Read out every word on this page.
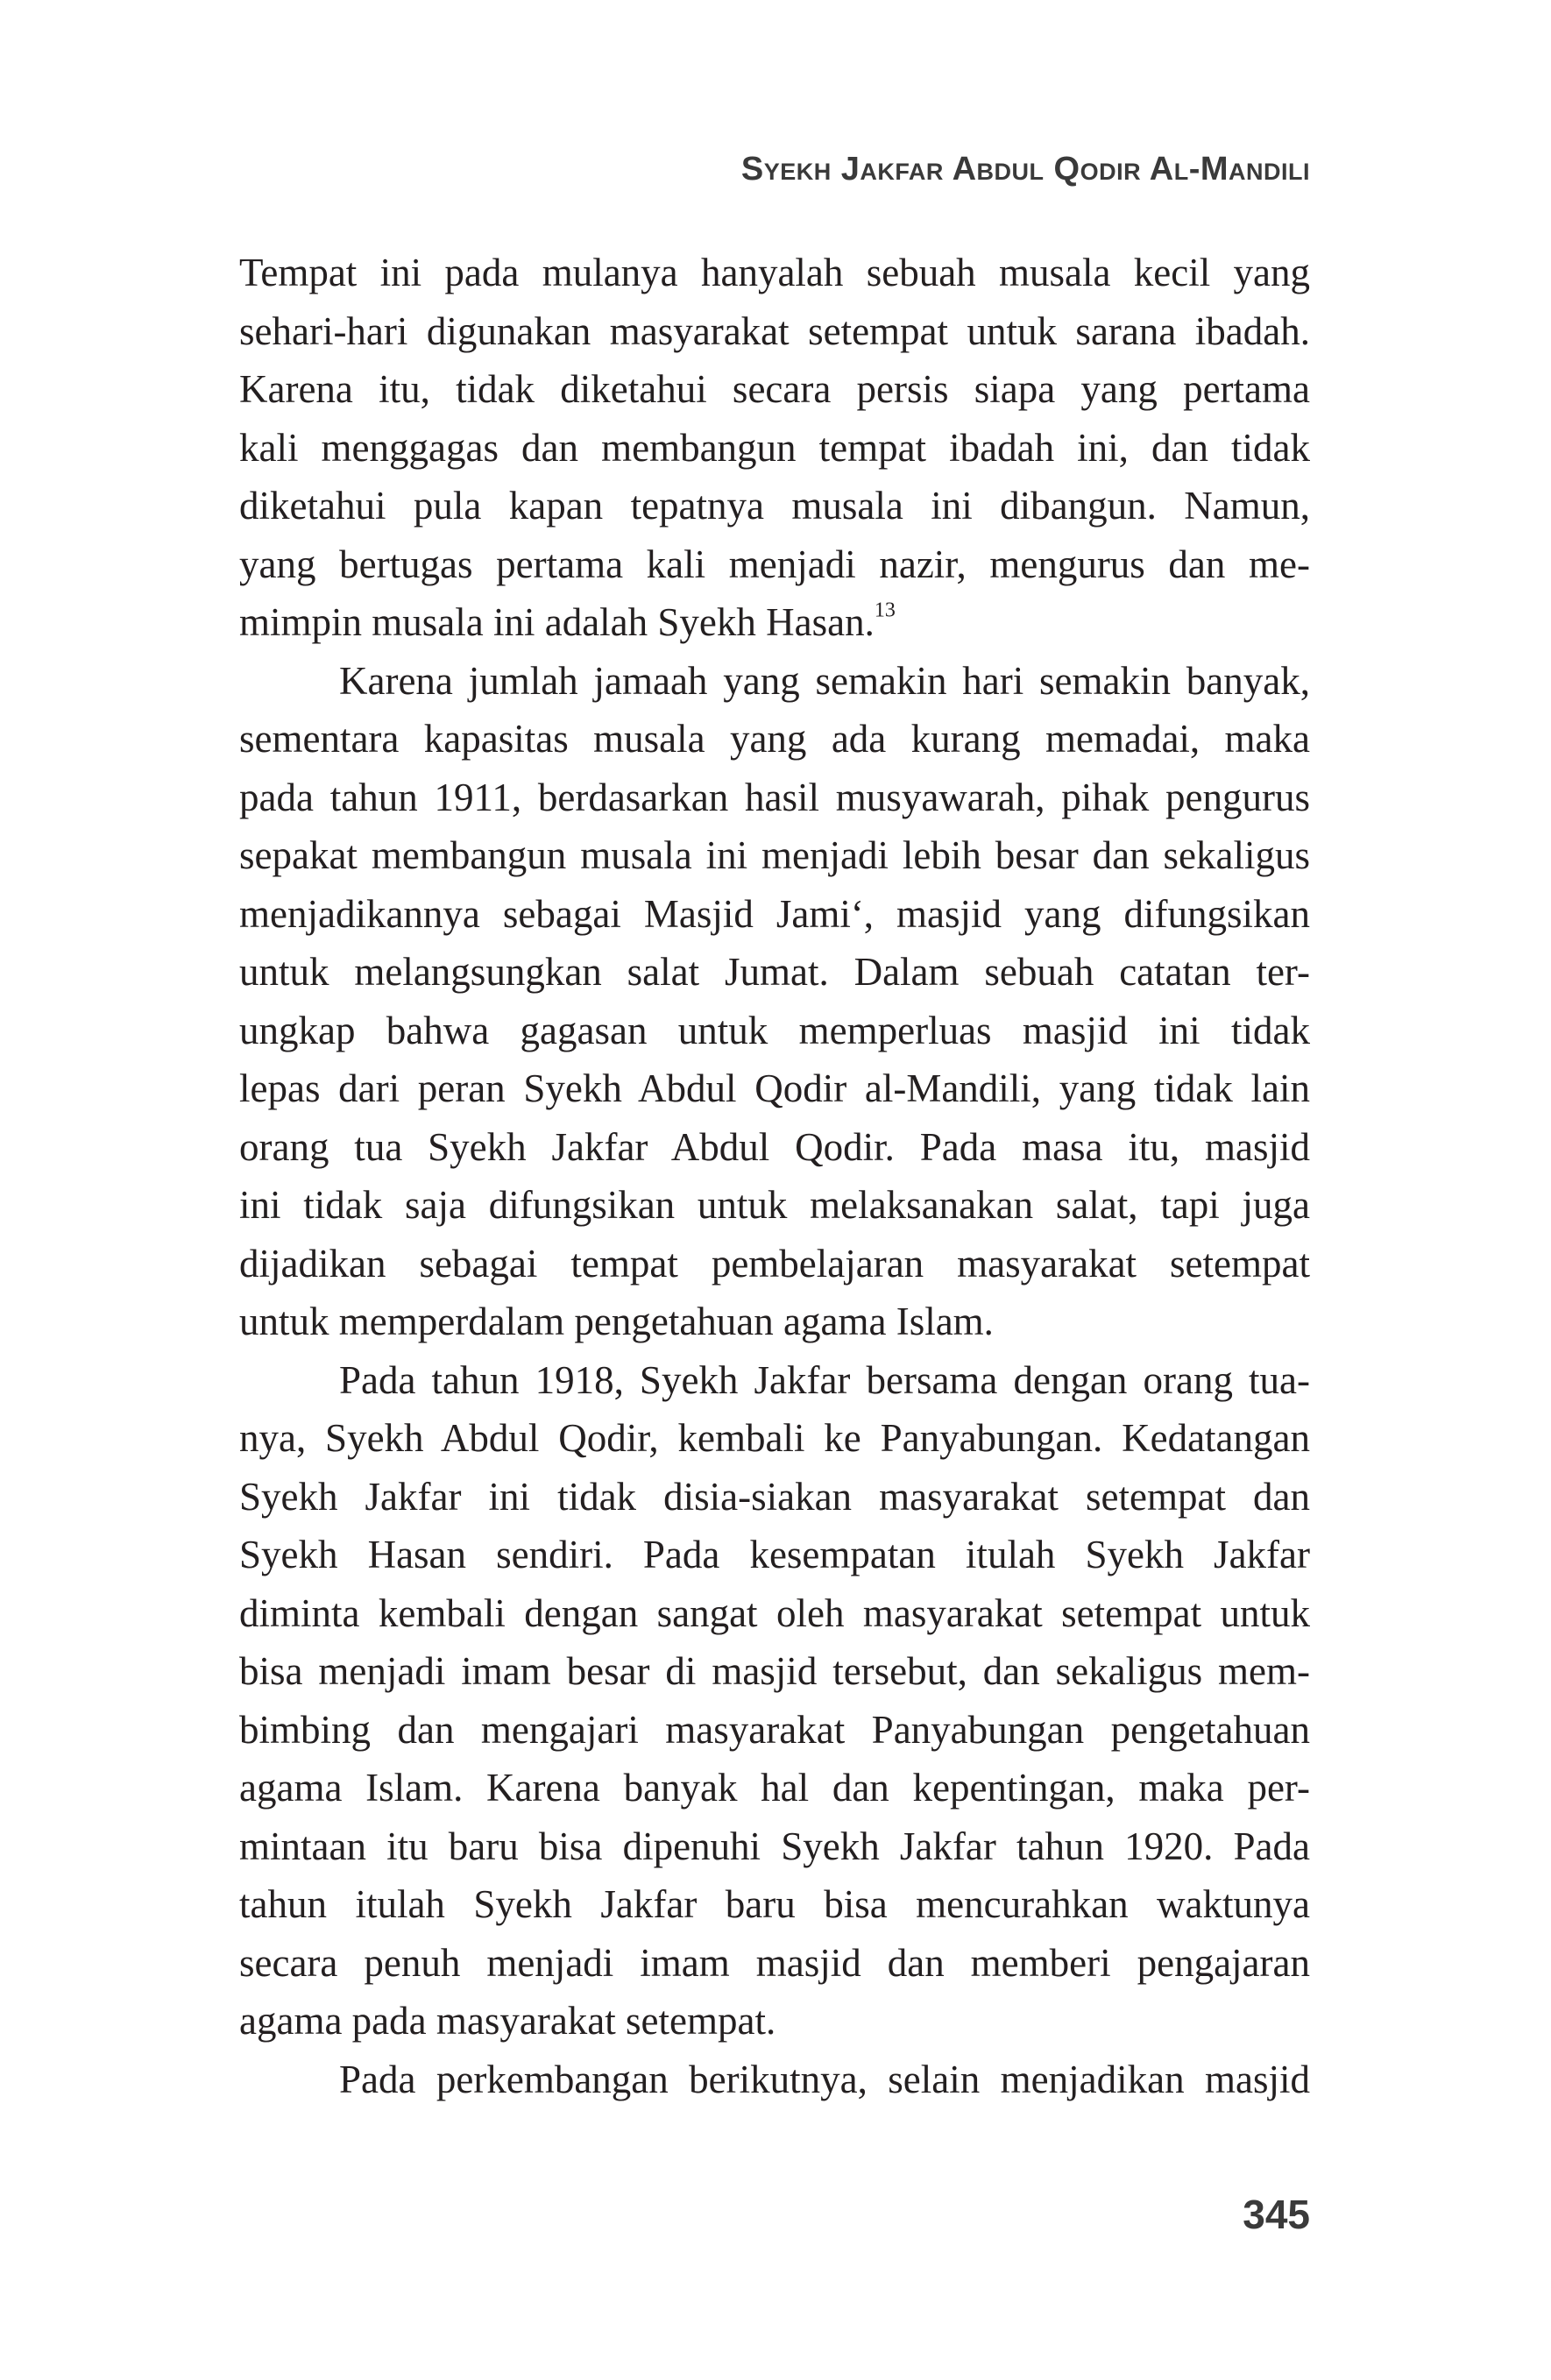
Syekh Jakfar Abdul Qodir Al-Mandili
Tempat ini pada mulanya hanyalah sebuah musala kecil yang
sehari-hari digunakan masyarakat setempat untuk sarana ibadah.
Karena itu, tidak diketahui secara persis siapa yang pertama
kali menggagas dan membangun tempat ibadah ini, dan tidak
diketahui pula kapan tepatnya musala ini dibangun. Namun,
yang bertugas pertama kali menjadi nazir, mengurus dan me-
mimpin musala ini adalah Syekh Hasan.$^{13}$
Karena jumlah jamaah yang semakin hari semakin banyak,
sementara kapasitas musala yang ada kurang memadai, maka
pada tahun 1911, berdasarkan hasil musyawarah, pihak pengurus
sepakat membangun musala ini menjadi lebih besar dan sekaligus
menjadikannya sebagai Masjid Jami‘, masjid yang difungsikan
untuk melangsungkan salat Jumat. Dalam sebuah catatan ter-
ungkap bahwa gagasan untuk memperluas masjid ini tidak
lepas dari peran Syekh Abdul Qodir al-Mandili, yang tidak lain
orang tua Syekh Jakfar Abdul Qodir. Pada masa itu, masjid
ini tidak saja difungsikan untuk melaksanakan salat, tapi juga
dijadikan sebagai tempat pembelajaran masyarakat setempat
untuk memperdalam pengetahuan agama Islam.
Pada tahun 1918, Syekh Jakfar bersama dengan orang tua-
nya, Syekh Abdul Qodir, kembali ke Panyabungan. Kedatangan
Syekh Jakfar ini tidak disia-siakan masyarakat setempat dan
Syekh Hasan sendiri. Pada kesempatan itulah Syekh Jakfar
diminta kembali dengan sangat oleh masyarakat setempat untuk
bisa menjadi imam besar di masjid tersebut, dan sekaligus mem-
bimbing dan mengajari masyarakat Panyabungan pengetahuan
agama Islam. Karena banyak hal dan kepentingan, maka per-
mintaan itu baru bisa dipenuhi Syekh Jakfar tahun 1920. Pada
tahun itulah Syekh Jakfar baru bisa mencurahkan waktunya
secara penuh menjadi imam masjid dan memberi pengajaran
agama pada masyarakat setempat.
Pada perkembangan berikutnya, selain menjadikan masjid
345
